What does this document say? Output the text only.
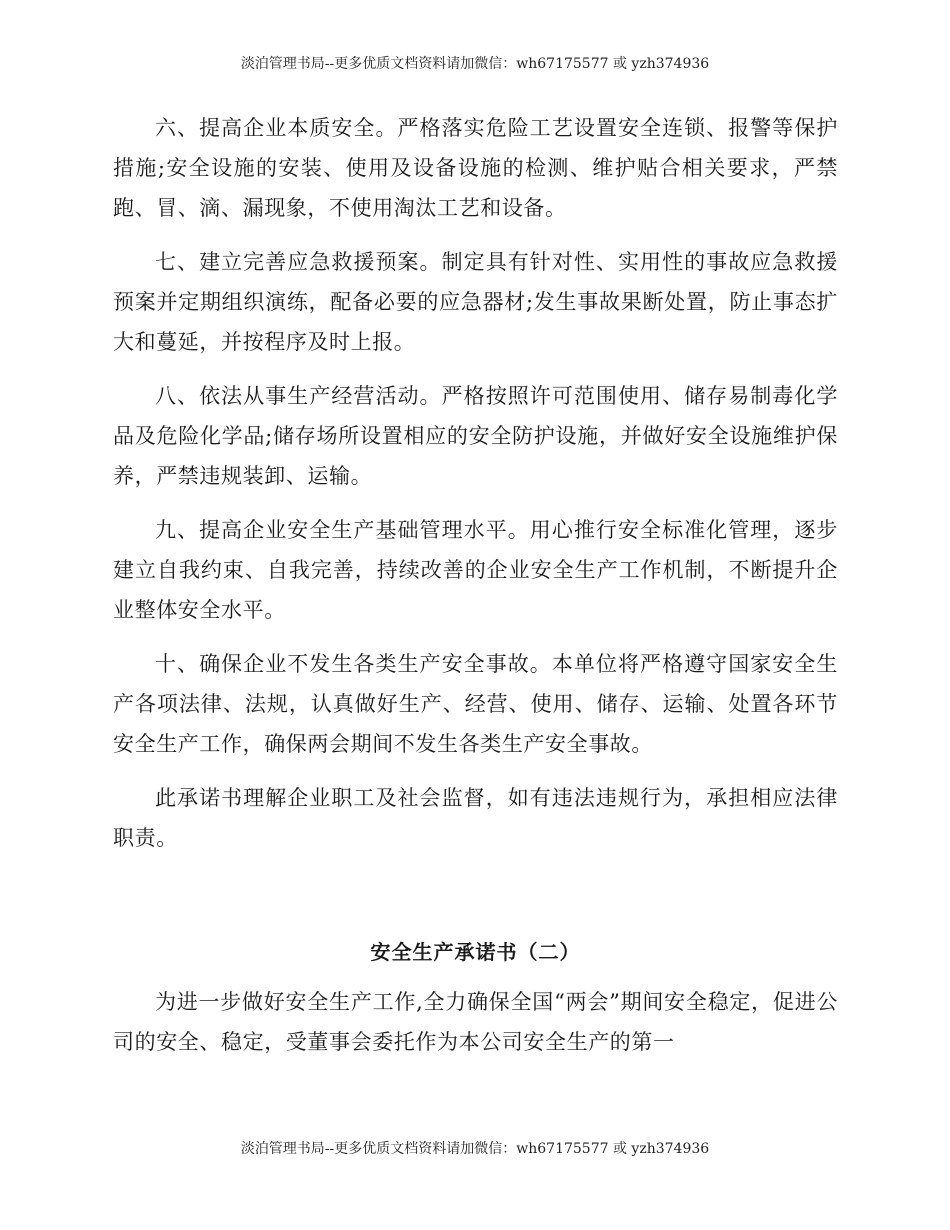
淡泊管理书局--更多优质文档资料请加微信：wh67175577 或 yzh374936

六、提高企业本质安全。严格落实危险工艺设置安全连锁、报警等保护措施;安全设施的安装、使用及设备设施的检测、维护贴合相关要求，严禁跑、冒、滴、漏现象，不使用淘汰工艺和设备。

七、建立完善应急救援预案。制定具有针对性、实用性的事故应急救援预案并定期组织演练，配备必要的应急器材;发生事故果断处置，防止事态扩大和蔓延，并按程序及时上报。

八、依法从事生产经营活动。严格按照许可范围使用、储存易制毒化学品及危险化学品;储存场所设置相应的安全防护设施，并做好安全设施维护保养，严禁违规装卸、运输。

九、提高企业安全生产基础管理水平。用心推行安全标准化管理，逐步建立自我约束、自我完善，持续改善的企业安全生产工作机制，不断提升企业整体安全水平。

十、确保企业不发生各类生产安全事故。本单位将严格遵守国家安全生产各项法律、法规，认真做好生产、经营、使用、储存、运输、处置各环节安全生产工作，确保两会期间不发生各类生产安全事故。

此承诺书理解企业职工及社会监督，如有违法违规行为，承担相应法律职责。

安全生产承诺书（二）

为进一步做好安全生产工作,全力确保全国“两会”期间安全稳定，促进公司的安全、稳定，受董事会委托作为本公司安全生产的第一

淡泊管理书局--更多优质文档资料请加微信：wh67175577 或 yzh374936
